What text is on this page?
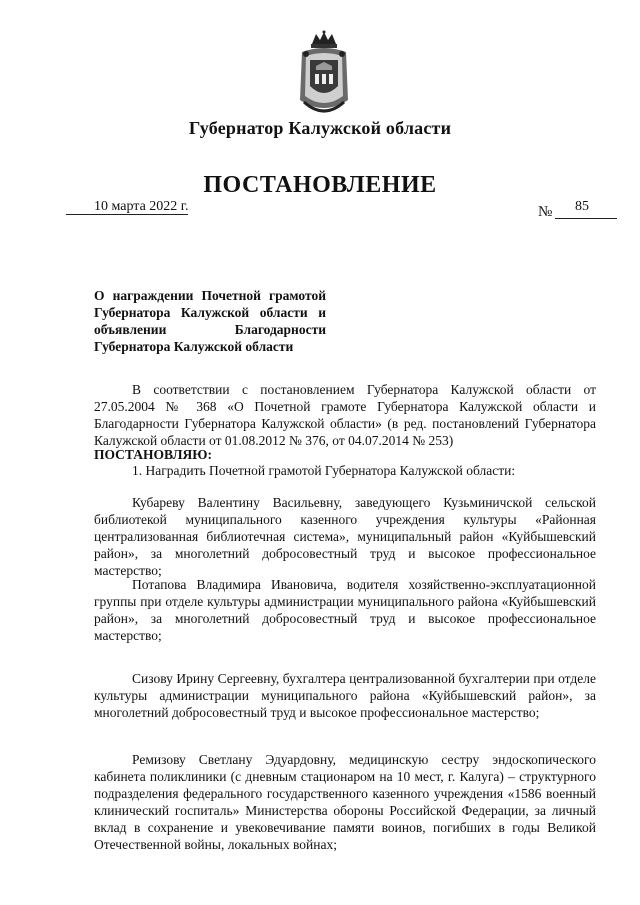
Губернатор Калужской области
ПОСТАНОВЛЕНИЕ
10 марта 2022 г.	№ 85
О награждении Почетной грамотой Губернатора Калужской области и объявлении Благодарности Губернатора Калужской области
В соответствии с постановлением Губернатора Калужской области от 27.05.2004 № 368 «О Почетной грамоте Губернатора Калужской области и Благодарности Губернатора Калужской области» (в ред. постановлений Губернатора Калужской области от 01.08.2012 № 376, от 04.07.2014 № 253)
ПОСТАНОВЛЯЮ:
1. Наградить Почетной грамотой Губернатора Калужской области:
Кубареву Валентину Васильевну, заведующего Кузьминичской сельской библиотекой муниципального казенного учреждения культуры «Районная централизованная библиотечная система», муниципальный район «Куйбышевский район», за многолетний добросовестный труд и высокое профессиональное мастерство;
Потапова Владимира Ивановича, водителя хозяйственно-эксплуатационной группы при отделе культуры администрации муниципального района «Куйбышевский район», за многолетний добросовестный труд и высокое профессиональное мастерство;
Сизову Ирину Сергеевну, бухгалтера централизованной бухгалтерии при отделе культуры администрации муниципального района «Куйбышевский район», за многолетний добросовестный труд и высокое профессиональное мастерство;
Ремизову Светлану Эдуардовну, медицинскую сестру эндоскопического кабинета поликлиники (с дневным стационаром на 10 мест, г. Калуга) – структурного подразделения федерального государственного казенного учреждения «1586 военный клинический госпиталь» Министерства обороны Российской Федерации, за личный вклад в сохранение и увековечивание памяти воинов, погибших в годы Великой Отечественной войны, локальных войнах;
